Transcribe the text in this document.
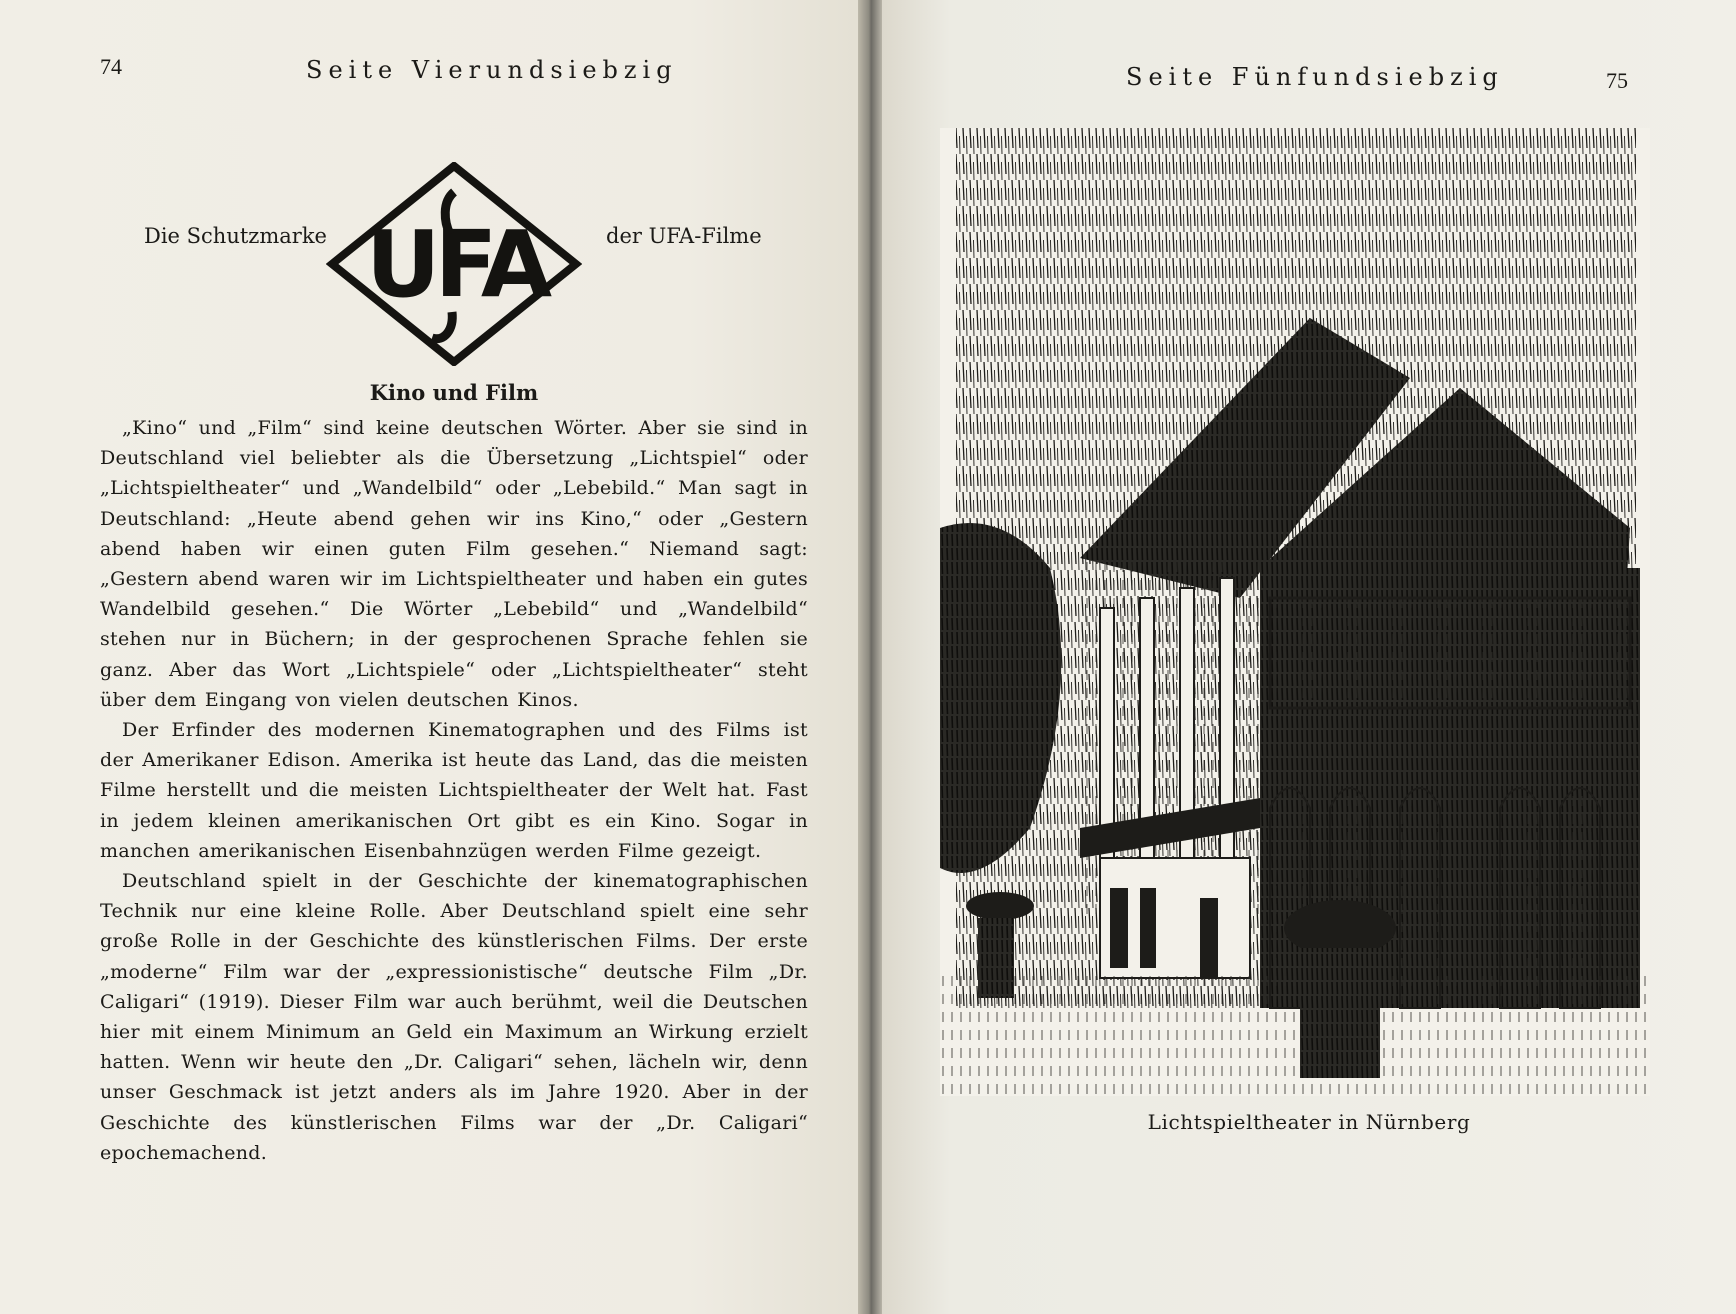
74	Seite Vierundsiebzig
Die Schutzmarke UFA	der UFA-Filme
Kino und Film

„Kino“ und „Film“ sind keine deutschen Wörter. Aber sie sind in Deutschland viel beliebter als die Übersetzung „Lichtspiel“ oder „Lichtspieltheater“ und „Wandelbild“ oder „Lebebild.“ Man sagt in Deutschland: „Heute abend gehen wir ins Kino,“ oder „Gestern abend haben wir einen guten Film gesehen.“ Niemand sagt: „Gestern abend waren wir im Lichtspieltheater und haben ein gutes Wandelbild gesehen.“ Die Wörter „Lebebild“ und „Wandelbild“ stehen nur in Büchern; in der gesprochenen Sprache fehlen sie ganz. Aber das Wort „Lichtspiele“ oder „Lichtspieltheater“ steht über dem Eingang von vielen deutschen Kinos.

Der Erfinder des modernen Kinematographen und des Films ist der Amerikaner Edison. Amerika ist heute das Land, das die meisten Filme herstellt und die meisten Lichtspieltheater der Welt hat. Fast in jedem kleinen amerikanischen Ort gibt es ein Kino. Sogar in manchen amerikanischen Eisenbahnzügen werden Filme gezeigt.

Deutschland spielt in der Geschichte der kinematographischen Technik nur eine kleine Rolle. Aber Deutschland spielt eine sehr große Rolle in der Geschichte des künstlerischen Films. Der erste „moderne“ Film war der „expressionistische“ deutsche Film „Dr. Caligari“ (1919). Dieser Film war auch berühmt, weil die Deutschen hier mit einem Minimum an Geld ein Maximum an Wirkung erzielt hatten. Wenn wir heute den „Dr. Caligari“ sehen, lächeln wir, denn unser Geschmack ist jetzt anders als im Jahre 1920. Aber in der Geschichte des künstlerischen Films war der „Dr. Caligari“ epochemachend.

Seite Fünfundsiebzig	75
Lichtspieltheater in Nürnberg
